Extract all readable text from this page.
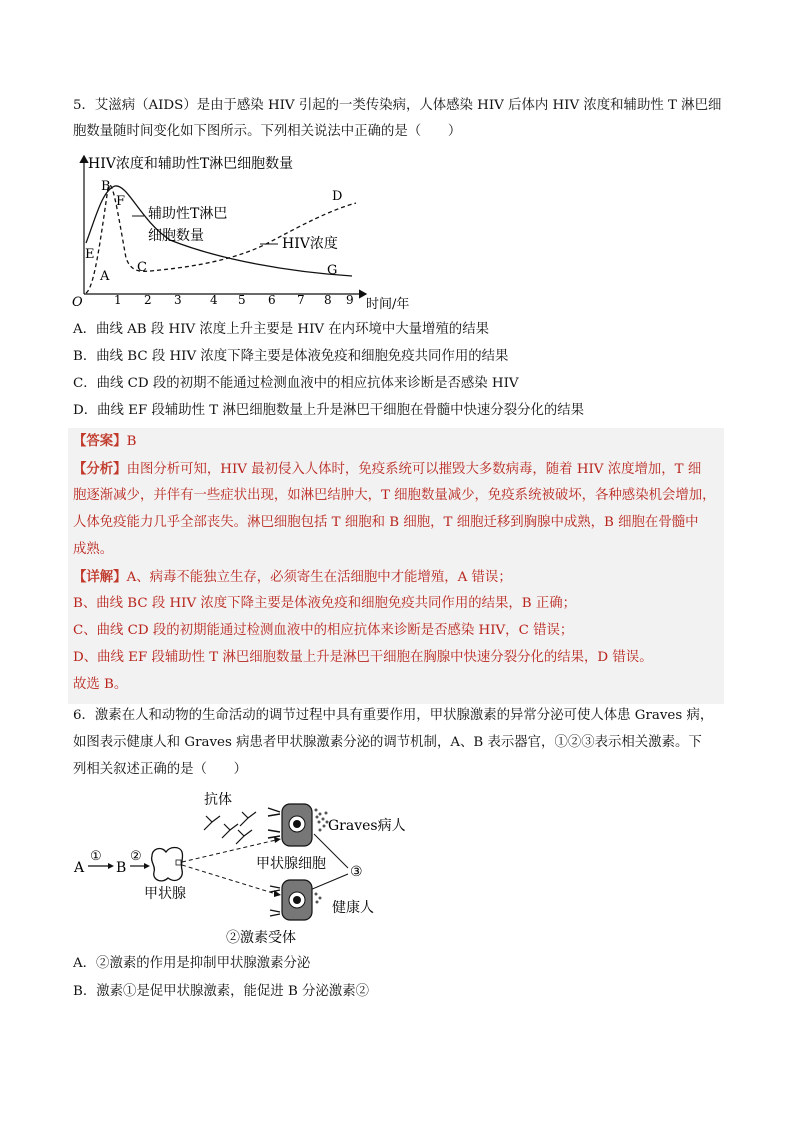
5．艾滋病（AIDS）是由于感染 HIV 引起的一类传染病，人体感染 HIV 后体内 HIV 浓度和辅助性 T 淋巴细
胞数量随时间变化如下图所示。下列相关说法中正确的是（　　）
HIV浓度和辅助性T淋巴细胞数量
O	1 2 3 4 5 6 7 8 9 时间/年
A
B
C
D
E
F
G
辅助性T淋巴
细胞数量	HIV浓度
A．曲线 AB 段 HIV 浓度上升主要是 HIV 在内环境中大量增殖的结果
B．曲线 BC 段 HIV 浓度下降主要是体液免疫和细胞免疫共同作用的结果
C．曲线 CD 段的初期不能通过检测血液中的相应抗体来诊断是否感染 HIV
D．曲线 EF 段辅助性 T 淋巴细胞数量上升是淋巴干细胞在骨髓中快速分裂分化的结果
【答案】B
【分析】由图分析可知，HIV 最初侵入人体时，免疫系统可以摧毁大多数病毒，随着 HIV 浓度增加，T 细
胞逐渐减少，并伴有一些症状出现，如淋巴结肿大，T 细胞数量减少，免疫系统被破坏，各种感染机会增加，
人体免疫能力几乎全部丧失。淋巴细胞包括 T 细胞和 B 细胞，T 细胞迁移到胸腺中成熟，B 细胞在骨髓中
成熟。
【详解】A、病毒不能独立生存，必须寄生在活细胞中才能增殖，A 错误；
B、曲线 BC 段 HIV 浓度下降主要是体液免疫和细胞免疫共同作用的结果，B 正确；
C、曲线 CD 段的初期能通过检测血液中的相应抗体来诊断是否感染 HIV，C 错误；
D、曲线 EF 段辅助性 T 淋巴细胞数量上升是淋巴干细胞在胸腺中快速分裂分化的结果，D 错误。
故选 B。
6．激素在人和动物的生命活动的调节过程中具有重要作用，甲状腺激素的异常分泌可使人体患 Graves 病，
如图表示健康人和 Graves 病患者甲状腺激素分泌的调节机制，A、B 表示器官，①②③表示相关激素。下
列相关叙述正确的是（　　）
抗体
Graves病人
A
①
B
②
甲状腺
甲状腺细胞 ③
健康人
②激素受体
A．②激素的作用是抑制甲状腺激素分泌
B．激素①是促甲状腺激素，能促进 B 分泌激素②
